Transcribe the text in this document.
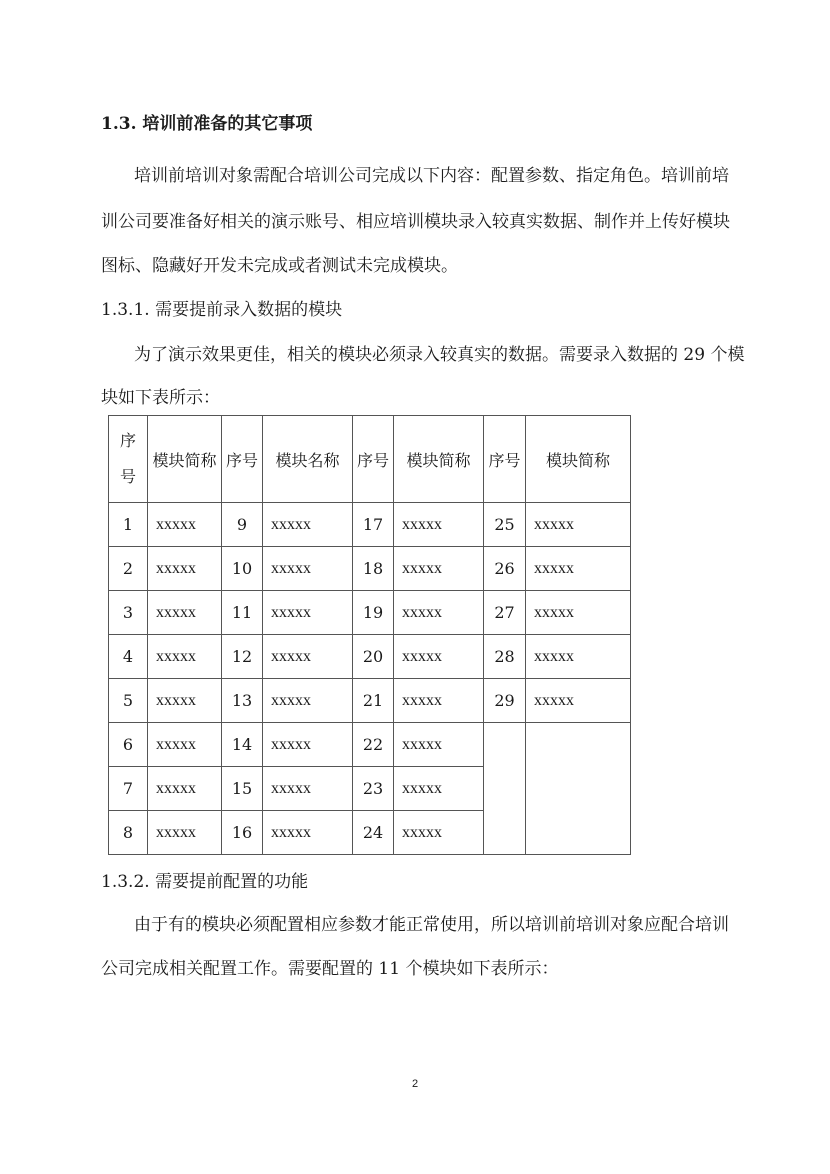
1.3. 培训前准备的其它事项
培训前培训对象需配合培训公司完成以下内容：配置参数、指定角色。培训前培
训公司要准备好相关的演示账号、相应培训模块录入较真实数据、制作并上传好模块
图标、隐藏好开发未完成或者测试未完成模块。
1.3.1. 需要提前录入数据的模块
为了演示效果更佳，相关的模块必须录入较真实的数据。需要录入数据的 29 个模
块如下表所示：
序
号	模块简称	序号	模块名称	序号	模块简称	序号	模块简称
1	xxxxx	9	xxxxx	17	xxxxx	25	xxxxx
2	xxxxx	10	xxxxx	18	xxxxx	26	xxxxx
3	xxxxx	11	xxxxx	19	xxxxx	27	xxxxx
4	xxxxx	12	xxxxx	20	xxxxx	28	xxxxx
5	xxxxx	13	xxxxx	21	xxxxx	29	xxxxx
6	xxxxx	14	xxxxx	22	xxxxx		
7	xxxxx	15	xxxxx	23	xxxxx		
8	xxxxx	16	xxxxx	24	xxxxx		
1.3.2. 需要提前配置的功能
由于有的模块必须配置相应参数才能正常使用，所以培训前培训对象应配合培训
公司完成相关配置工作。需要配置的 11 个模块如下表所示：
2
